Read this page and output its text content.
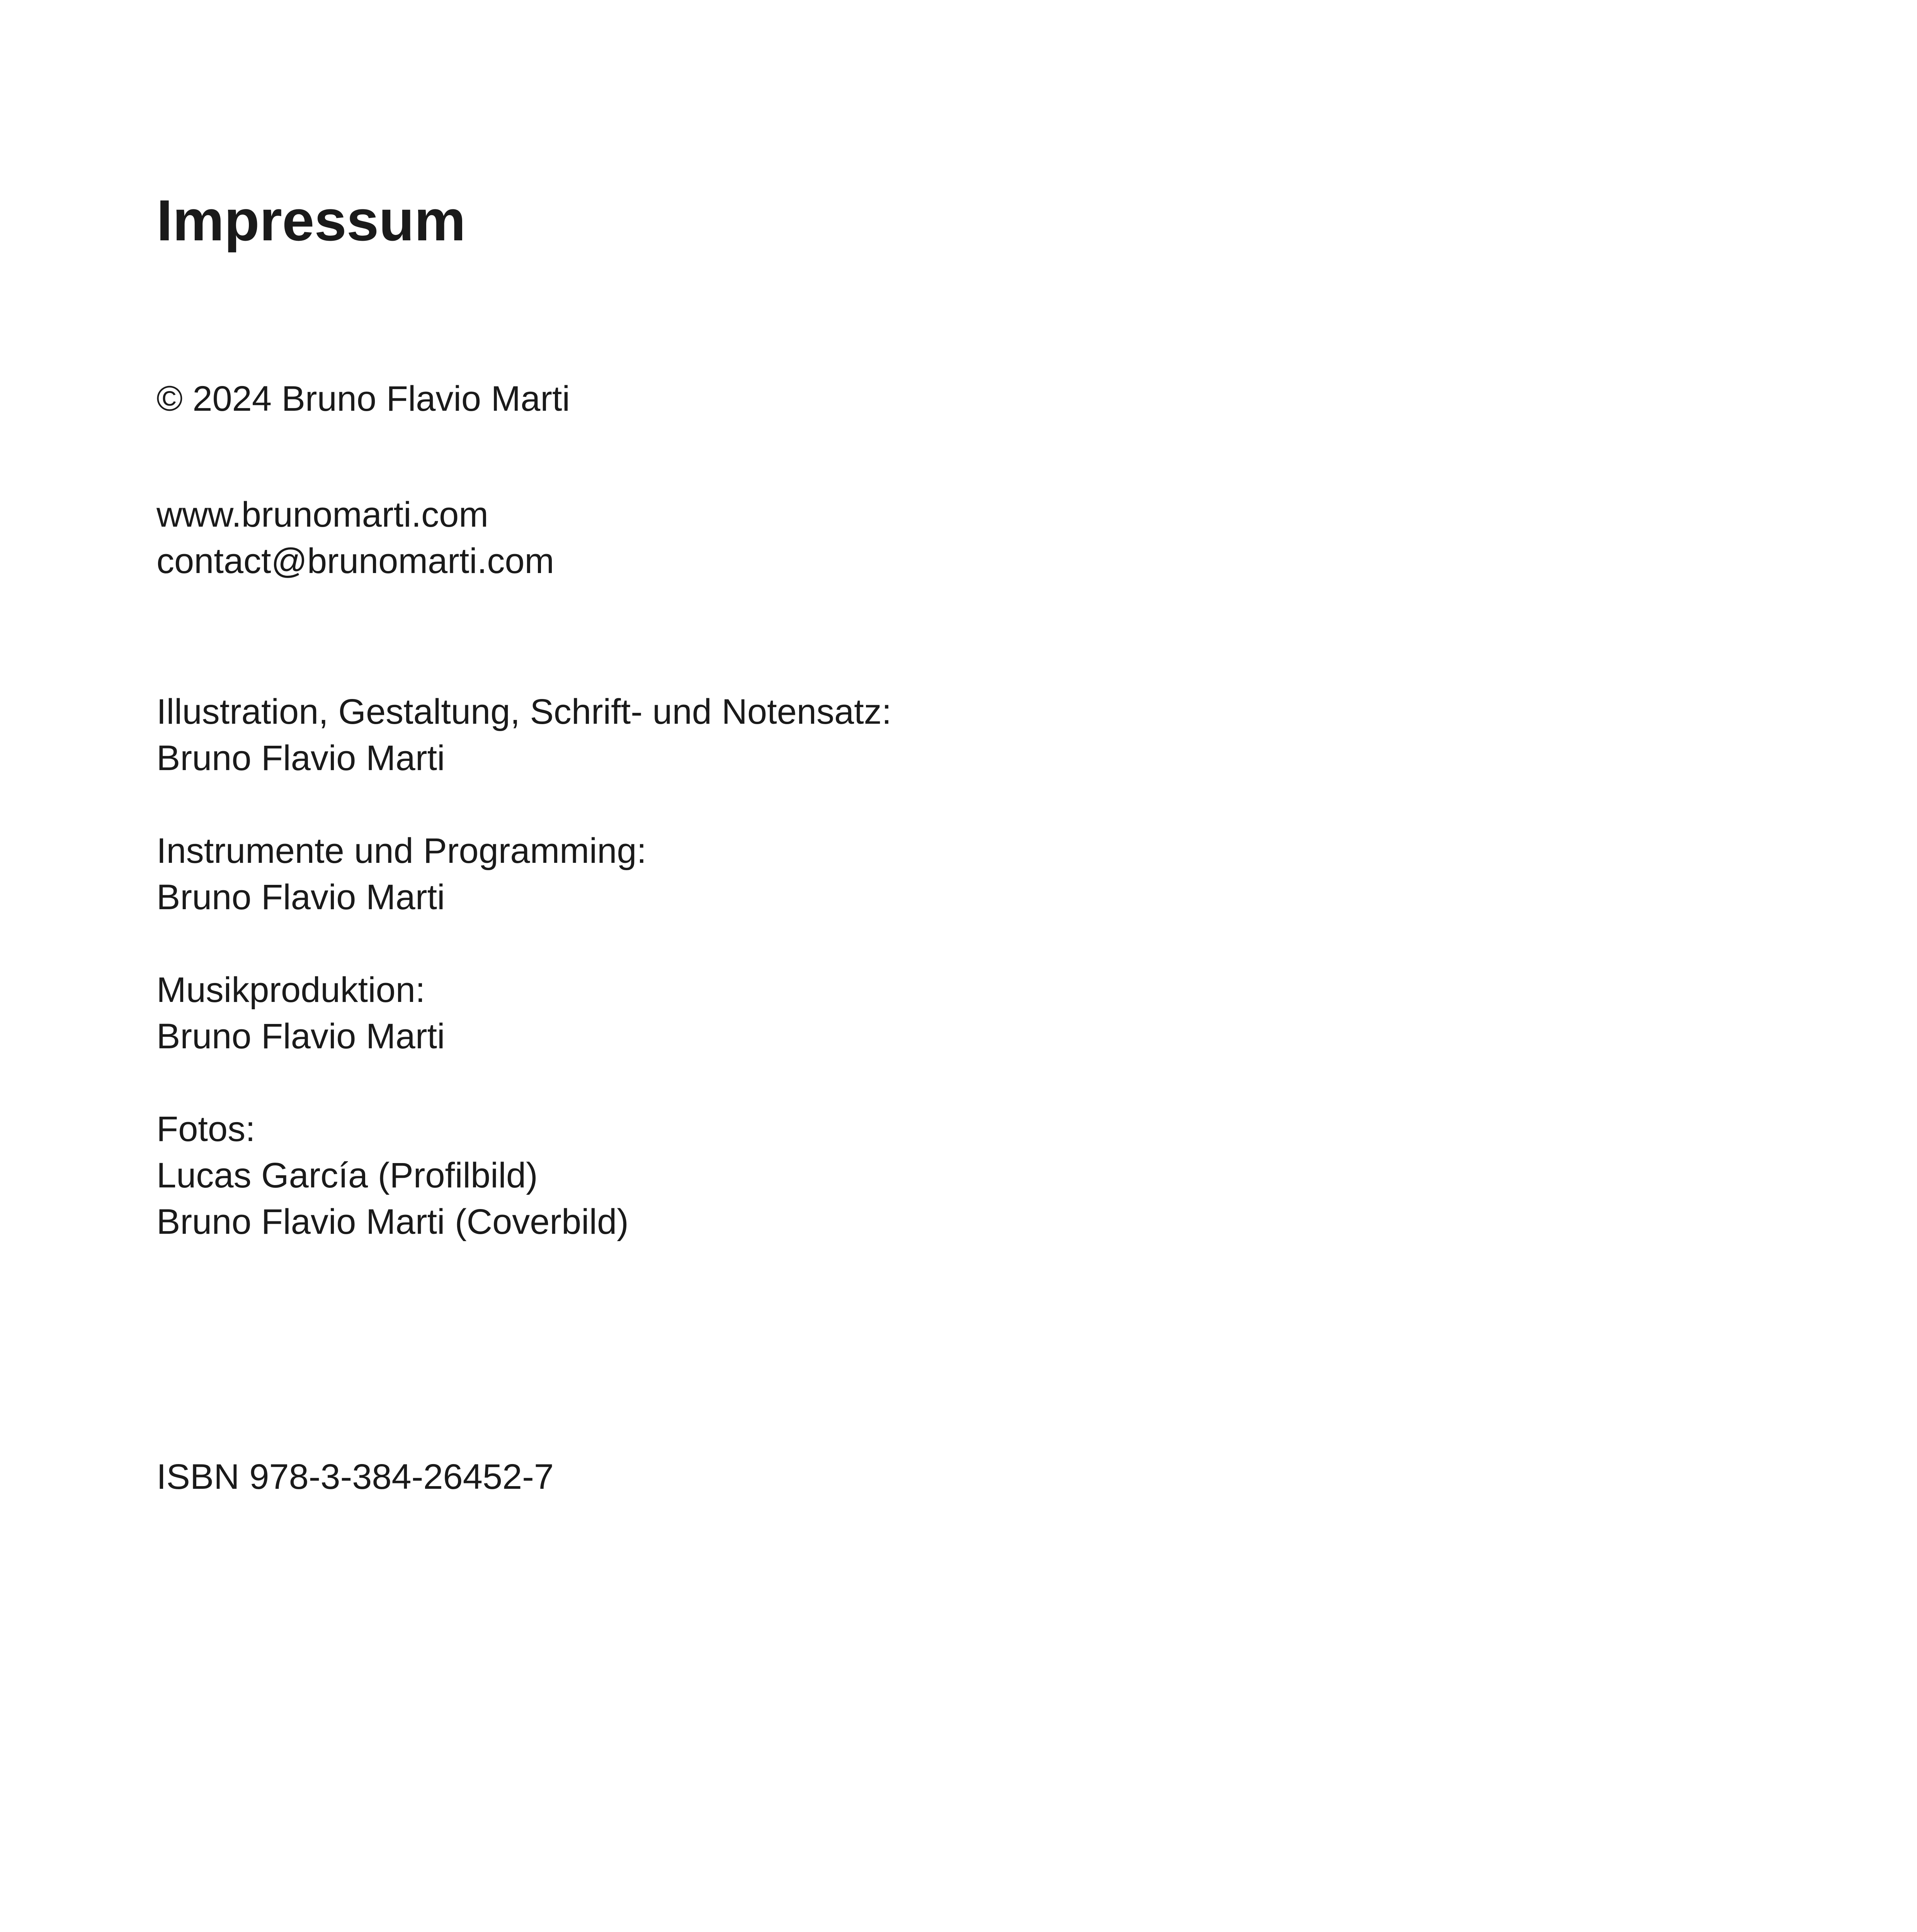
Impressum
© 2024 Bruno Flavio Marti
www.brunomarti.com
contact@brunomarti.com
Illustration, Gestaltung, Schrift- und Notensatz:
Bruno Flavio Marti
Instrumente und Programming:
Bruno Flavio Marti
Musikproduktion:
Bruno Flavio Marti
Fotos:
Lucas García (Profilbild)
Bruno Flavio Marti (Coverbild)
ISBN 978-3-384-26452-7
